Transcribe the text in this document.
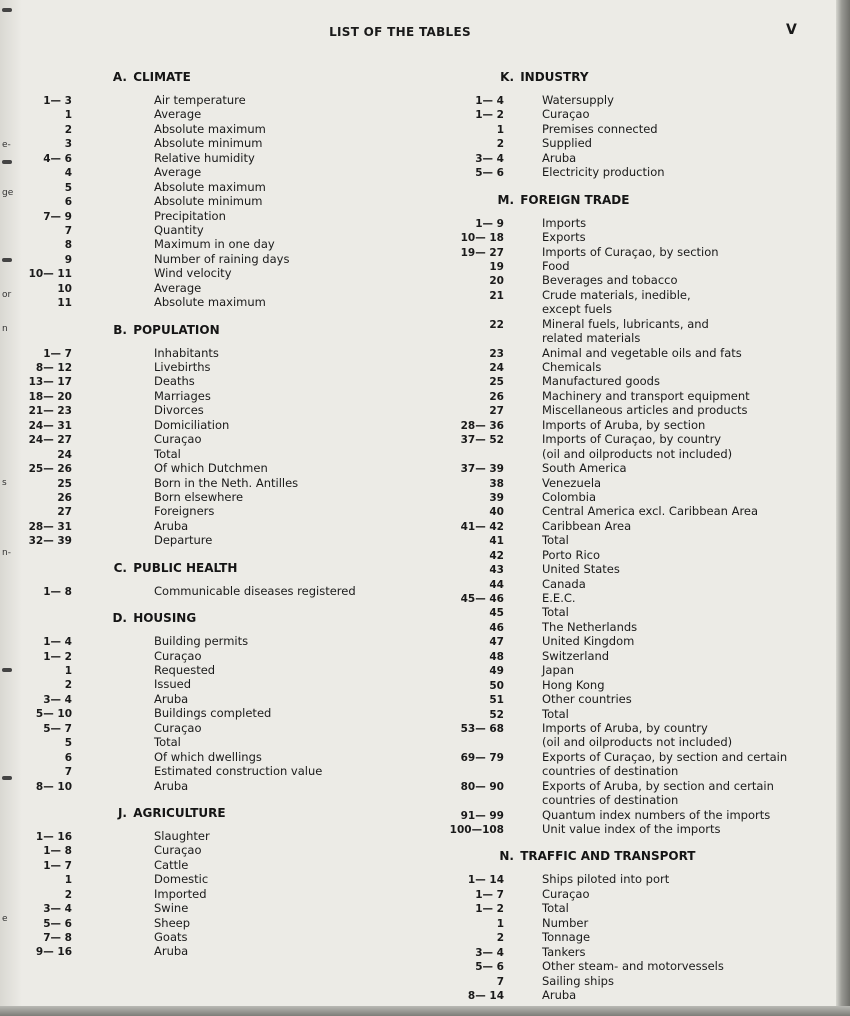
e-
ge
or
n
s
n-
e
LIST OF THE TABLES	V
A. CLIMATE
1— 3	Air temperature
1	Average
2	Absolute maximum
3	Absolute minimum
4— 6	Relative humidity
4	Average
5	Absolute maximum
6	Absolute minimum
7— 9	Precipitation
7	Quantity
8	Maximum in one day
9	Number of raining days
10— 11	Wind velocity
10	Average
11	Absolute maximum
B. POPULATION
1— 7	Inhabitants
8— 12	Livebirths
13— 17	Deaths
18— 20	Marriages
21— 23	Divorces
24— 31	Domiciliation
24— 27	Curaçao
24	Total
25— 26	Of which Dutchmen
25	Born in the Neth. Antilles
26	Born elsewhere
27	Foreigners
28— 31	Aruba
32— 39	Departure
C. PUBLIC HEALTH
1— 8	Communicable diseases registered
D. HOUSING
1— 4	Building permits
1— 2	Curaçao
1	Requested
2	Issued
3— 4	Aruba
5— 10	Buildings completed
5— 7	Curaçao
5	Total
6	Of which dwellings
7	Estimated construction value
8— 10	Aruba
J. AGRICULTURE
1— 16	Slaughter
1— 8	Curaçao
1— 7	Cattle
1	Domestic
2	Imported
3— 4	Swine
5— 6	Sheep
7— 8	Goats
9— 16	Aruba
K. INDUSTRY
1— 4	Watersupply
1— 2	Curaçao
1	Premises connected
2	Supplied
3— 4	Aruba
5— 6	Electricity production
M. FOREIGN TRADE
1— 9	Imports
10— 18	Exports
19— 27	Imports of Curaçao, by section
19	Food
20	Beverages and tobacco
21	Crude materials, inedible,
except fuels
22	Mineral fuels, lubricants, and
related materials
23	Animal and vegetable oils and fats
24	Chemicals
25	Manufactured goods
26	Machinery and transport equipment
27	Miscellaneous articles and products
28— 36	Imports of Aruba, by section
37— 52	Imports of Curaçao, by country
(oil and oilproducts not included)
37— 39	South America
38	Venezuela
39	Colombia
40	Central America excl. Caribbean Area
41— 42	Caribbean Area
41	Total
42	Porto Rico
43	United States
44	Canada
45— 46	E.E.C.
45	Total
46	The Netherlands
47	United Kingdom
48	Switzerland
49	Japan
50	Hong Kong
51	Other countries
52	Total
53— 68	Imports of Aruba, by country
(oil and oilproducts not included)
69— 79	Exports of Curaçao, by section and certain
countries of destination
80— 90	Exports of Aruba, by section and certain
countries of destination
91— 99	Quantum index numbers of the imports
100—108	Unit value index of the imports
N. TRAFFIC AND TRANSPORT
1— 14	Ships piloted into port
1— 7	Curaçao
1— 2	Total
1	Number
2	Tonnage
3— 4	Tankers
5— 6	Other steam- and motorvessels
7	Sailing ships
8— 14	Aruba
